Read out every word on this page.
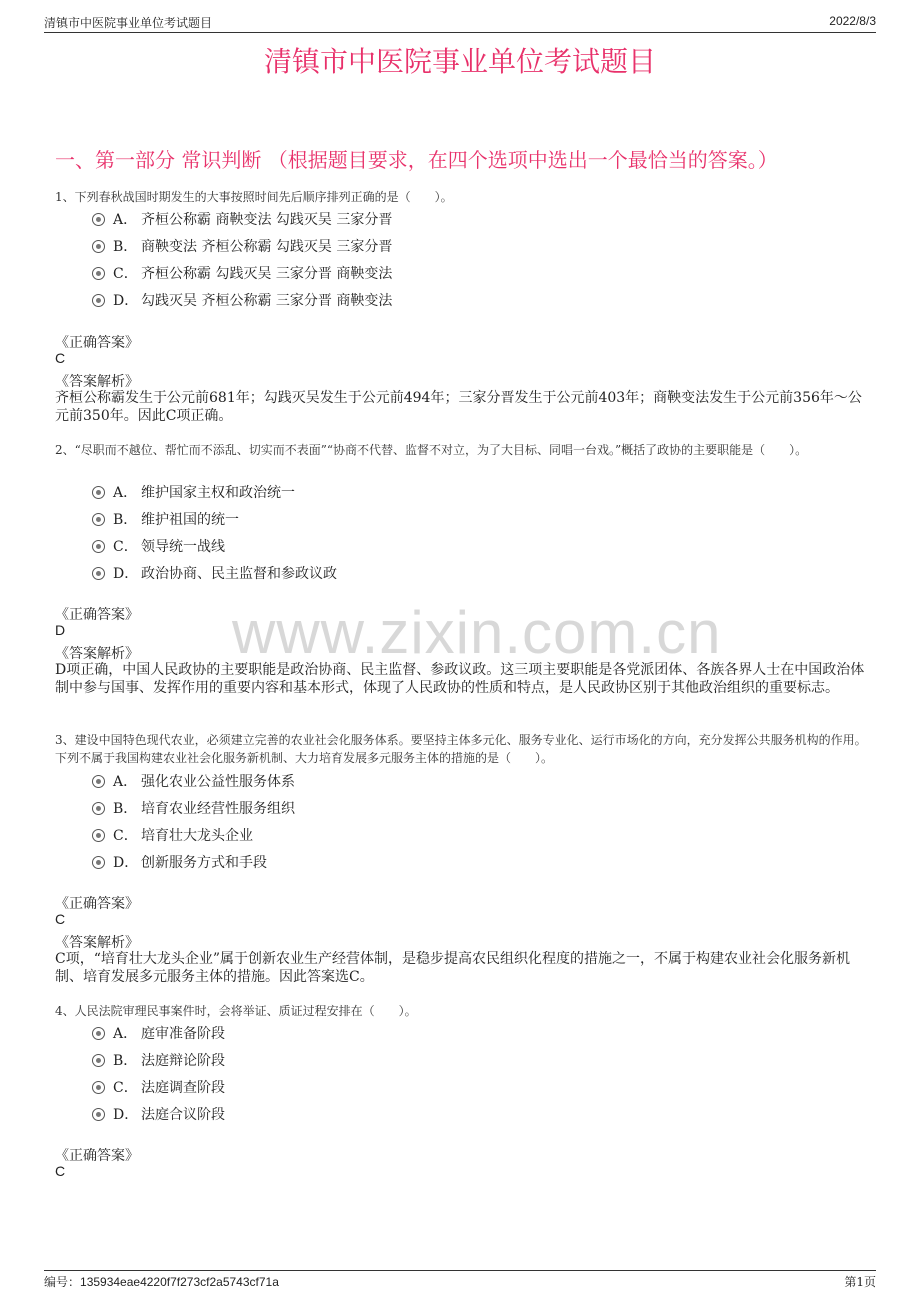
清镇市中医院事业单位考试题目	2022/8/3
清镇市中医院事业单位考试题目
一、第一部分 常识判断 （根据题目要求，在四个选项中选出一个最恰当的答案。）
www.zixin.com.cn
1、下列春秋战国时期发生的大事按照时间先后顺序排列正确的是（　　）。
A． 齐桓公称霸 商鞅变法 勾践灭吴 三家分晋
B． 商鞅变法 齐桓公称霸 勾践灭吴 三家分晋
C． 齐桓公称霸 勾践灭吴 三家分晋 商鞅变法
D． 勾践灭吴 齐桓公称霸 三家分晋 商鞅变法
《正确答案》
C
《答案解析》
齐桓公称霸发生于公元前681年；勾践灭吴发生于公元前494年；三家分晋发生于公元前403年；商鞅变法发生于公元前356年～公元前350年。因此C项正确。
2、“尽职而不越位、帮忙而不添乱、切实而不表面”“协商不代替、监督不对立，为了大目标、同唱一台戏。”概括了政协的主要职能是（　　）。
A． 维护国家主权和政治统一
B． 维护祖国的统一
C． 领导统一战线
D． 政治协商、民主监督和参政议政
《正确答案》
D
《答案解析》
D项正确，中国人民政协的主要职能是政治协商、民主监督、参政议政。这三项主要职能是各党派团体、各族各界人士在中国政治体制中参与国事、发挥作用的重要内容和基本形式，体现了人民政协的性质和特点，是人民政协区别于其他政治组织的重要标志。
3、建设中国特色现代农业，必须建立完善的农业社会化服务体系。要坚持主体多元化、服务专业化、运行市场化的方向，充分发挥公共服务机构的作用。下列不属于我国构建农业社会化服务新机制、大力培育发展多元服务主体的措施的是（　　）。
A． 强化农业公益性服务体系
B． 培育农业经营性服务组织
C． 培育壮大龙头企业
D． 创新服务方式和手段
《正确答案》
C
《答案解析》
C项，“培育壮大龙头企业”属于创新农业生产经营体制，是稳步提高农民组织化程度的措施之一，不属于构建农业社会化服务新机制、培育发展多元服务主体的措施。因此答案选C。
4、人民法院审理民事案件时，会将举证、质证过程安排在（　　）。
A． 庭审准备阶段
B． 法庭辩论阶段
C． 法庭调查阶段
D． 法庭合议阶段
《正确答案》
C
编号：135934eae4220f7f273cf2a5743cf71a	第1页
